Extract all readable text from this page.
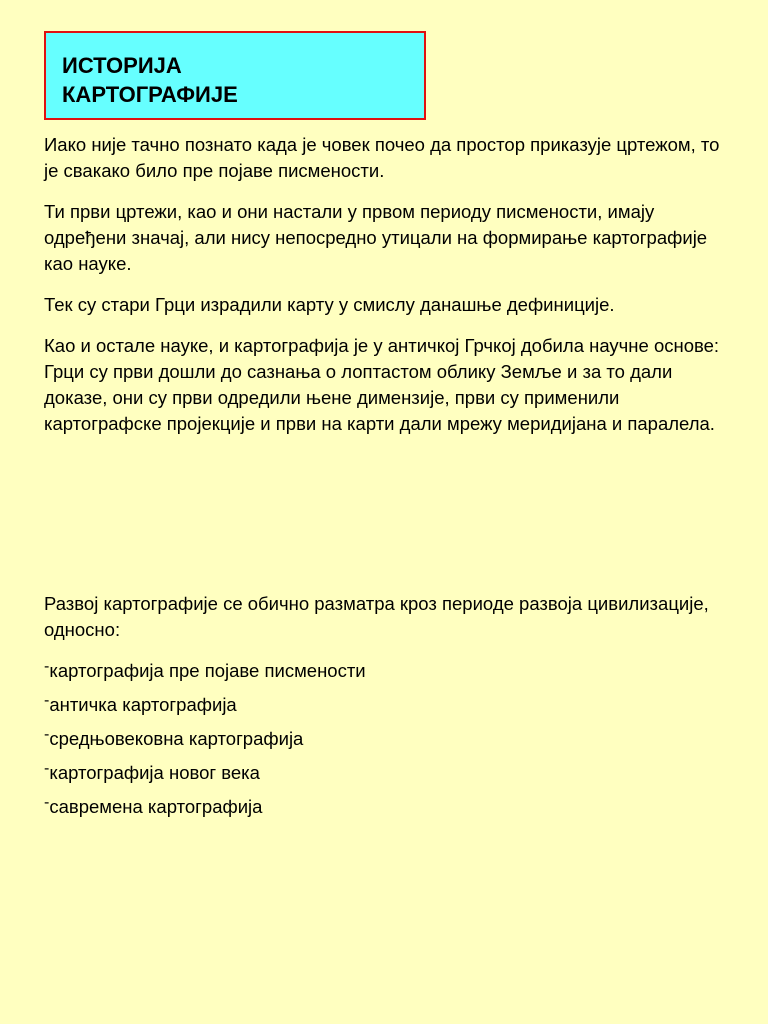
ИСТОРИЈА
КАРТОГРАФИЈЕ

Иако није тачно познато када је човек почео да простор приказује цртежом, то је свакако било пре појаве писмености.

Ти први цртежи, као и они настали у првом периоду писмености, имају одређени значај, али нису непосредно утицали на формирање картографије као науке.

Тек су стари Грци израдили карту у смислу данашње дефиниције.

Као и остале науке, и картографија је у античкој Грчкој добила научне основе: Грци су први дошли до сазнања о лоптастом облику Земље и за то дали доказе, они су први одредили њене димензије, први су применили картографске пројекције и први на карти дали мрежу меридијана и паралела.

Развој картографије се обично разматра кроз периоде развоја цивилизације, односно:

-картографија пре појаве писмености
-античка картографија
-средњовековна картографија
-картографија новог века
-савремена картографија
